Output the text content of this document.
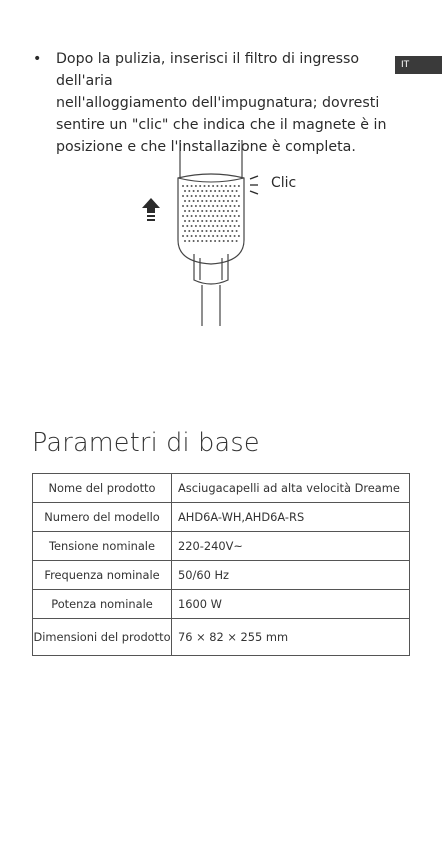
IT
• Dopo la pulizia, inserisci il filtro di ingresso dell'aria
nell'alloggiamento dell'impugnatura; dovresti
sentire un "clic" che indica che il magnete è in
posizione e che l'installazione è completa.
Clic
Parametri di base
Nome del prodotto	Asciugacapelli ad alta velocità Dreame
Numero del modello	AHD6A-WH,AHD6A-RS
Tensione nominale	220-240V~
Frequenza nominale	50/60 Hz
Potenza nominale	1600 W
Dimensioni del prodotto	76 × 82 × 255 mm
